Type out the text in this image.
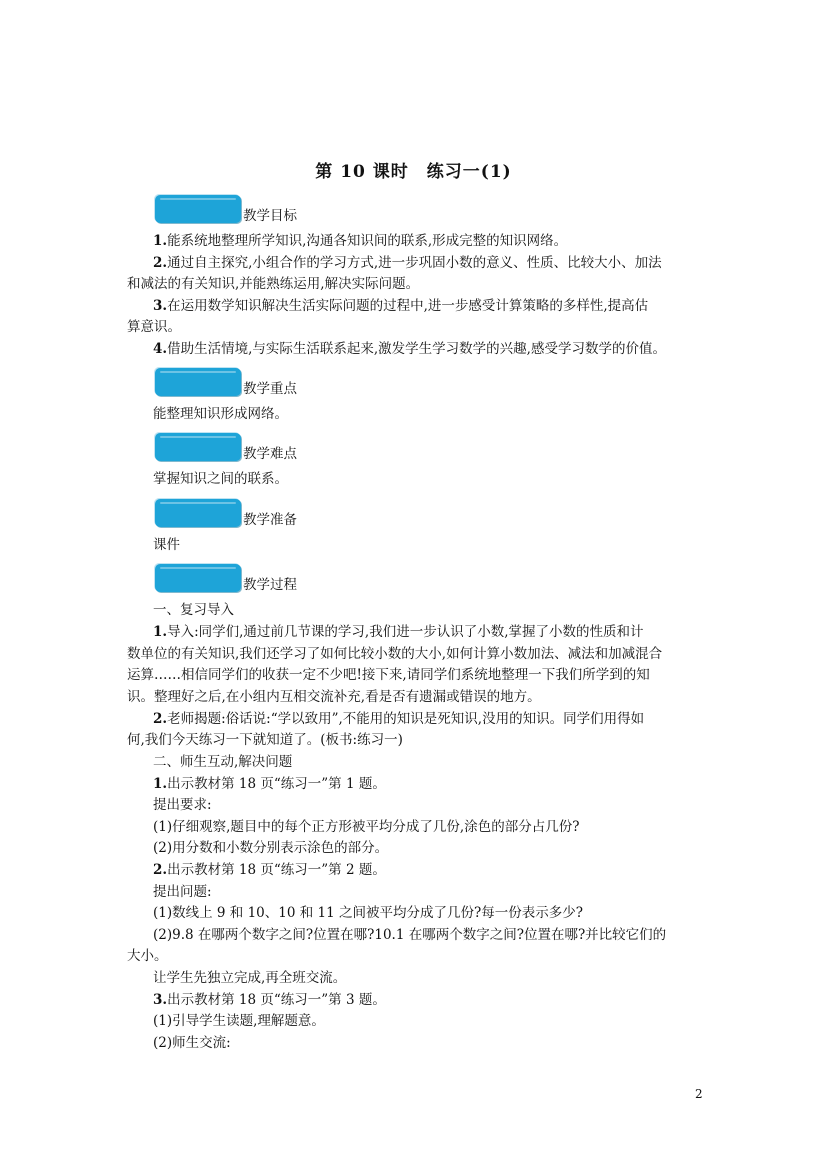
第 10 课时　练习一(1)
教学目标
1.能系统地整理所学知识,沟通各知识间的联系,形成完整的知识网络。
2.通过自主探究,小组合作的学习方式,进一步巩固小数的意义、性质、比较大小、加法
和减法的有关知识,并能熟练运用,解决实际问题。
3.在运用数学知识解决生活实际问题的过程中,进一步感受计算策略的多样性,提高估
算意识。
4.借助生活情境,与实际生活联系起来,激发学生学习数学的兴趣,感受学习数学的价值。
教学重点
能整理知识形成网络。
教学难点
掌握知识之间的联系。
教学准备
课件
教学过程
一、复习导入
1.导入:同学们,通过前几节课的学习,我们进一步认识了小数,掌握了小数的性质和计
数单位的有关知识,我们还学习了如何比较小数的大小,如何计算小数加法、减法和加减混合
运算……相信同学们的收获一定不少吧!接下来,请同学们系统地整理一下我们所学到的知
识。整理好之后,在小组内互相交流补充,看是否有遗漏或错误的地方。
2.老师揭题:俗话说:“学以致用”,不能用的知识是死知识,没用的知识。同学们用得如
何,我们今天练习一下就知道了。(板书:练习一)
二、师生互动,解决问题
1.出示教材第 18 页“练习一”第 1 题。
提出要求:
(1)仔细观察,题目中的每个正方形被平均分成了几份,涂色的部分占几份?
(2)用分数和小数分别表示涂色的部分。
2.出示教材第 18 页“练习一”第 2 题。
提出问题:
(1)数线上 9 和 10、10 和 11 之间被平均分成了几份?每一份表示多少?
(2)9.8 在哪两个数字之间?位置在哪?10.1 在哪两个数字之间?位置在哪?并比较它们的
大小。
让学生先独立完成,再全班交流。
3.出示教材第 18 页“练习一”第 3 题。
(1)引导学生读题,理解题意。
(2)师生交流:
2
